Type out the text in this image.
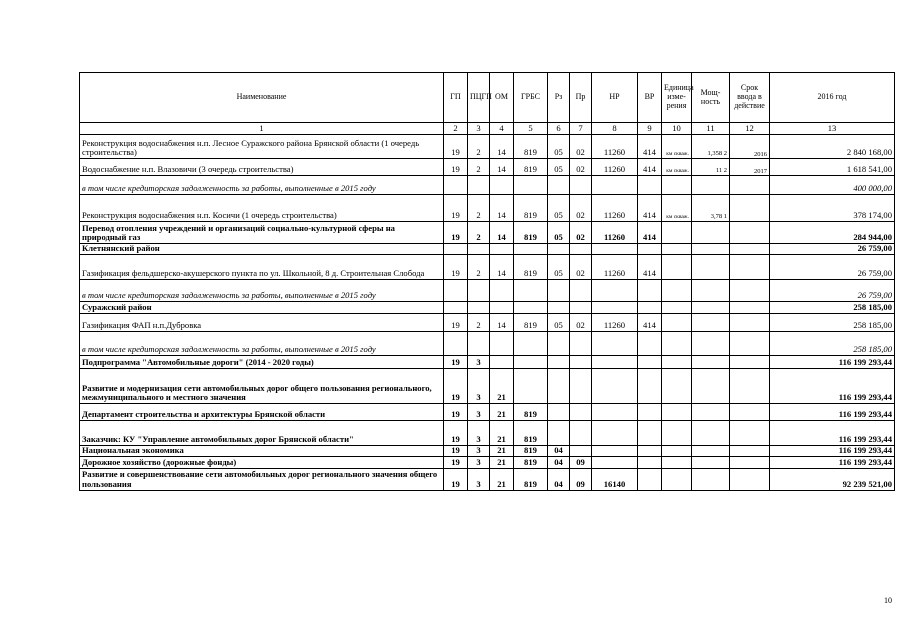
Наименование	ГП	ПЦГП	ОМ	ГРБС	Рз	Пр	НР	ВР	Единица изме-рения	Мощ-ность	Срок ввода в действие	2016 год
1	2	3	4	5	6	7	8	9	10	11	12	13
Реконструкция водоснабжения н.п. Лесное Суражского района Брянской области (1 очередь строительства)	19	2	14	819	05	02	11260	414	км скваж.	1,358 2	2016	2 840 168,00
Водоснабжение н.п. Влазовичи (3 очередь строительства)	19	2	14	819	05	02	11260	414	км скваж.	11 2	2017	1 618 541,00
в том числе кредиторская задолженность за работы, выполненные в 2015 году												400 000,00
Реконструкция водоснабжения н.п. Косичи (1 очередь строительства)	19	2	14	819	05	02	11260	414	км скваж.	3,78 1		378 174,00
Перевод отопления учреждений и организаций социально-культурной сферы на природный газ	19	2	14	819	05	02	11260	414				284 944,00
Клетнянский район												26 759,00
Газификация фельдшерско-акушерского пункта по ул. Школьной, 8 д. Строительная Слобода	19	2	14	819	05	02	11260	414				26 759,00
в том числе кредиторская задолженность за работы, выполненные в 2015 году												26 759,00
Суражский район												258 185,00
Газификация ФАП н.п.Дубровка	19	2	14	819	05	02	11260	414				258 185,00
в том числе кредиторская задолженность за работы, выполненные в 2015 году												258 185,00
Подпрограмма "Автомобильные дороги" (2014 - 2020 годы)	19	3										116 199 293,44
Развитие и модернизация сети автомобильных дорог общего пользования регионального, межмуниципального и местного значения	19	3	21									116 199 293,44
Департамент строительства и архитектуры Брянской области	19	3	21	819								116 199 293,44
Заказчик: КУ "Управление автомобильных дорог Брянской области"	19	3	21	819								116 199 293,44
Национальная экономика	19	3	21	819	04							116 199 293,44
Дорожное хозяйство (дорожные фонды)	19	3	21	819	04	09						116 199 293,44
Развитие и совершенствование сети автомобильных дорог регионального значения общего пользования	19	3	21	819	04	09	16140					92 239 521,00
10
